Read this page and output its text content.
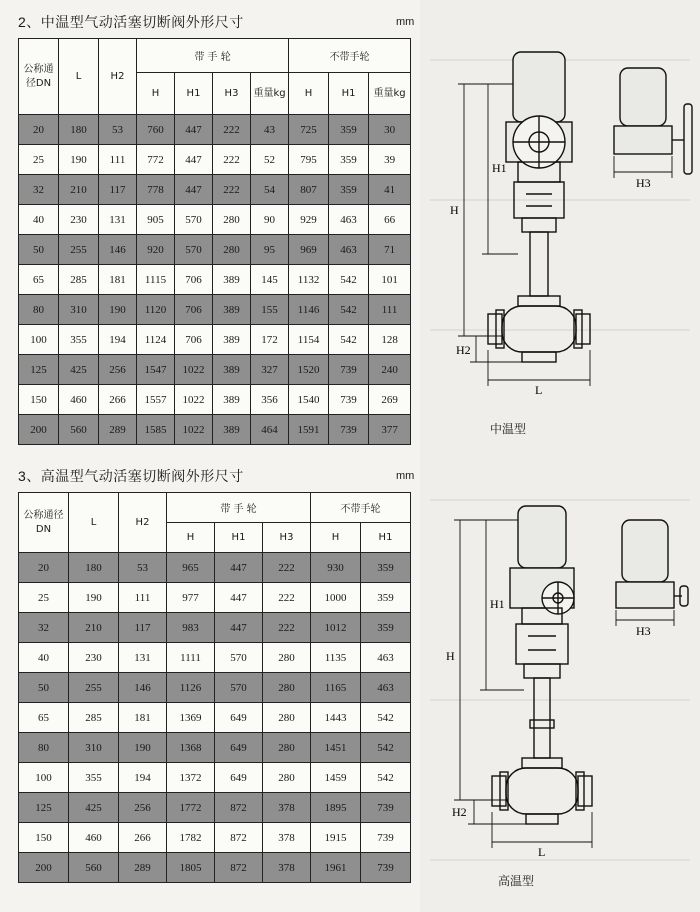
2、中温型气动活塞切断阀外形尺寸	mm
公称通径DN	L	H2	带 手 轮				不带手轮		
			H	H1	H3	重量kg	H	H1	重量kg
20	180	53	760	447	222	43	725	359	30
25	190	111	772	447	222	52	795	359	39
32	210	117	778	447	222	54	807	359	41
40	230	131	905	570	280	90	929	463	66
50	255	146	920	570	280	95	969	463	71
65	285	181	1115	706	389	145	1132	542	101
80	310	190	1120	706	389	155	1146	542	111
100	355	194	1124	706	389	172	1154	542	128
125	425	256	1547	1022	389	327	1520	739	240
150	460	266	1557	1022	389	356	1540	739	269
200	560	289	1585	1022	389	464	1591	739	377
H
H1
H2
L
H3
中温型
3、高温型气动活塞切断阀外形尺寸	mm
公称通径DN	L	H2	带 手 轮			不带手轮	
			H	H1	H3	H	H1
20	180	53	965	447	222	930	359
25	190	111	977	447	222	1000	359
32	210	117	983	447	222	1012	359
40	230	131	1111	570	280	1135	463
50	255	146	1126	570	280	1165	463
65	285	181	1369	649	280	1443	542
80	310	190	1368	649	280	1451	542
100	355	194	1372	649	280	1459	542
125	425	256	1772	872	378	1895	739
150	460	266	1782	872	378	1915	739
200	560	289	1805	872	378	1961	739
H
H1
H2
L
H3
高温型
